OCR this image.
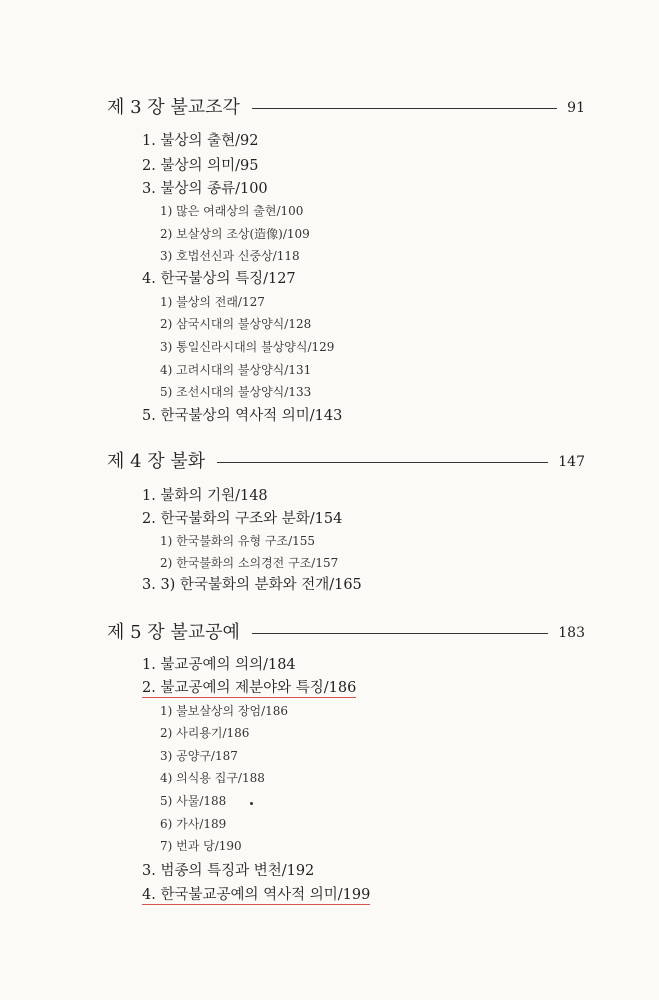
제 3 장 불교조각	91
1. 불상의 출현/92
2. 불상의 의미/95
3. 불상의 종류/100
1) 많은 여래상의 출현/100
2) 보살상의 조상(造像)/109
3) 호법선신과 신중상/118
4. 한국불상의 특징/127
1) 불상의 전래/127
2) 삼국시대의 불상양식/128
3) 통일신라시대의 불상양식/129
4) 고려시대의 불상양식/131
5) 조선시대의 불상양식/133
5. 한국불상의 역사적 의미/143
제 4 장 불화	147
1. 불화의 기원/148
2. 한국불화의 구조와 분화/154
1) 한국불화의 유형 구조/155
2) 한국불화의 소의경전 구조/157
3. 3) 한국불화의 분화와 전개/165
제 5 장 불교공예	183
1. 불교공예의 의의/184
2. 불교공예의 제분야와 특징/186
1) 불보살상의 장엄/186
2) 사리용기/186
3) 공양구/187
4) 의식용 집구/188
5) 사물/188
6) 가사/189
7) 번과 당/190
3. 범종의 특징과 변천/192
4. 한국불교공예의 역사적 의미/199
